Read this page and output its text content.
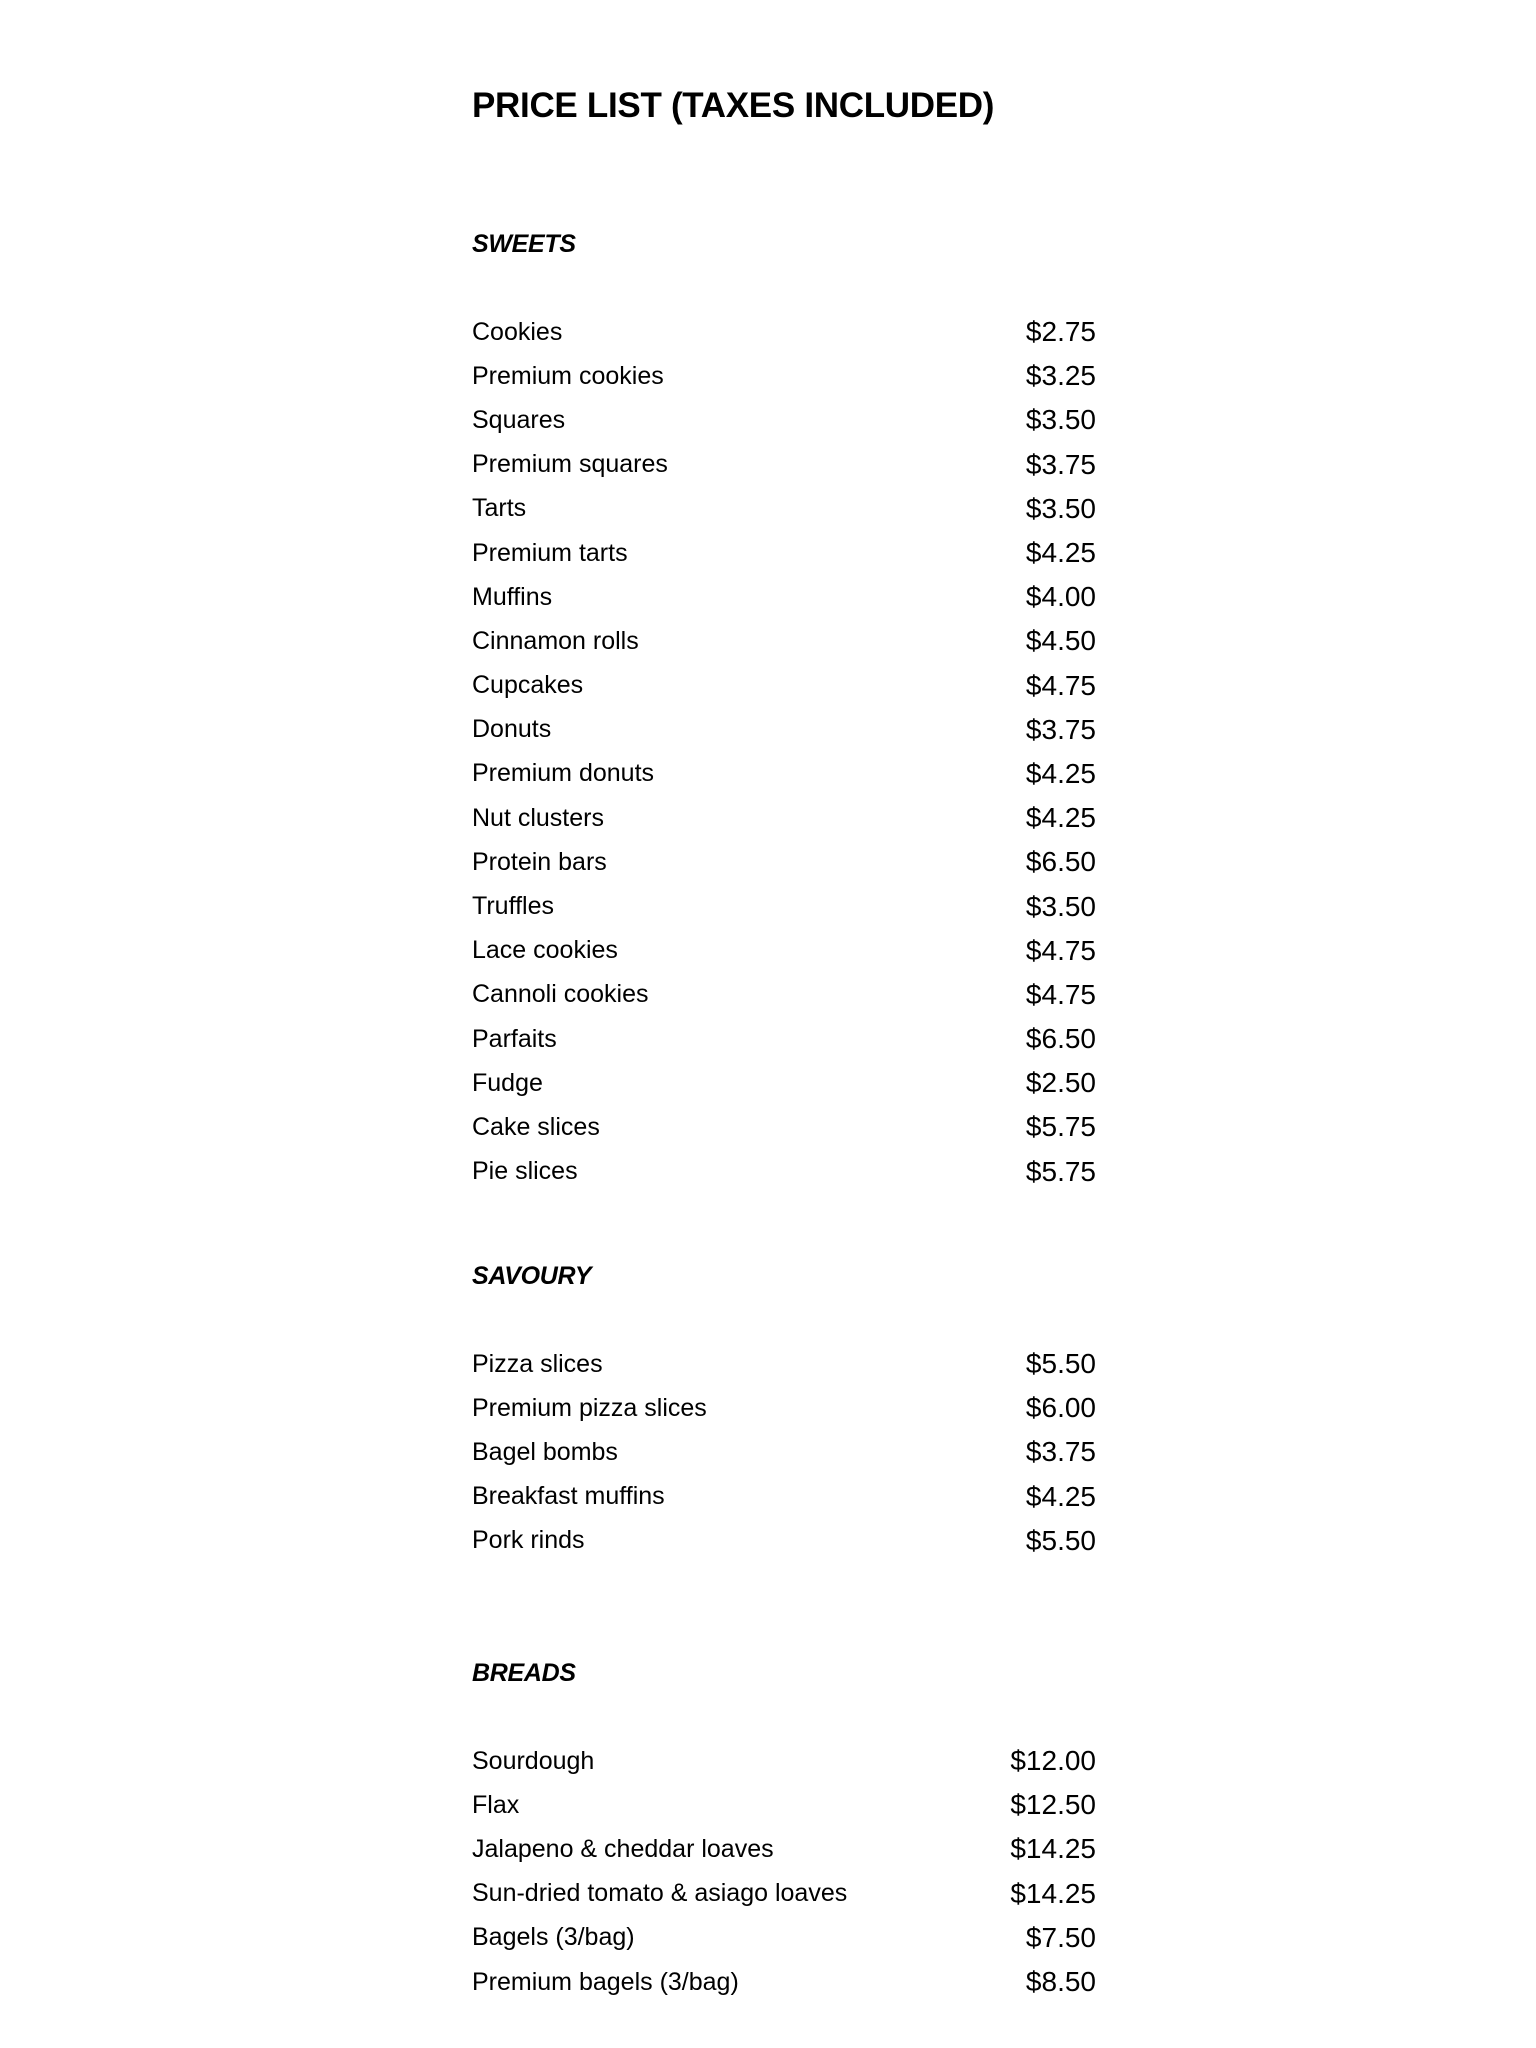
PRICE LIST (TAXES INCLUDED)
SWEETS
Cookies	$2.75
Premium cookies	$3.25
Squares	$3.50
Premium squares	$3.75
Tarts	$3.50
Premium tarts	$4.25
Muffins	$4.00
Cinnamon rolls	$4.50
Cupcakes	$4.75
Donuts	$3.75
Premium donuts	$4.25
Nut clusters	$4.25
Protein bars	$6.50
Truffles	$3.50
Lace cookies	$4.75
Cannoli cookies	$4.75
Parfaits	$6.50
Fudge	$2.50
Cake slices	$5.75
Pie slices	$5.75
SAVOURY
Pizza slices	$5.50
Premium pizza slices	$6.00
Bagel bombs	$3.75
Breakfast muffins	$4.25
Pork rinds	$5.50
BREADS
Sourdough	$12.00
Flax	$12.50
Jalapeno & cheddar loaves	$14.25
Sun-dried tomato & asiago loaves	$14.25
Bagels (3/bag)	$7.50
Premium bagels (3/bag)	$8.50
